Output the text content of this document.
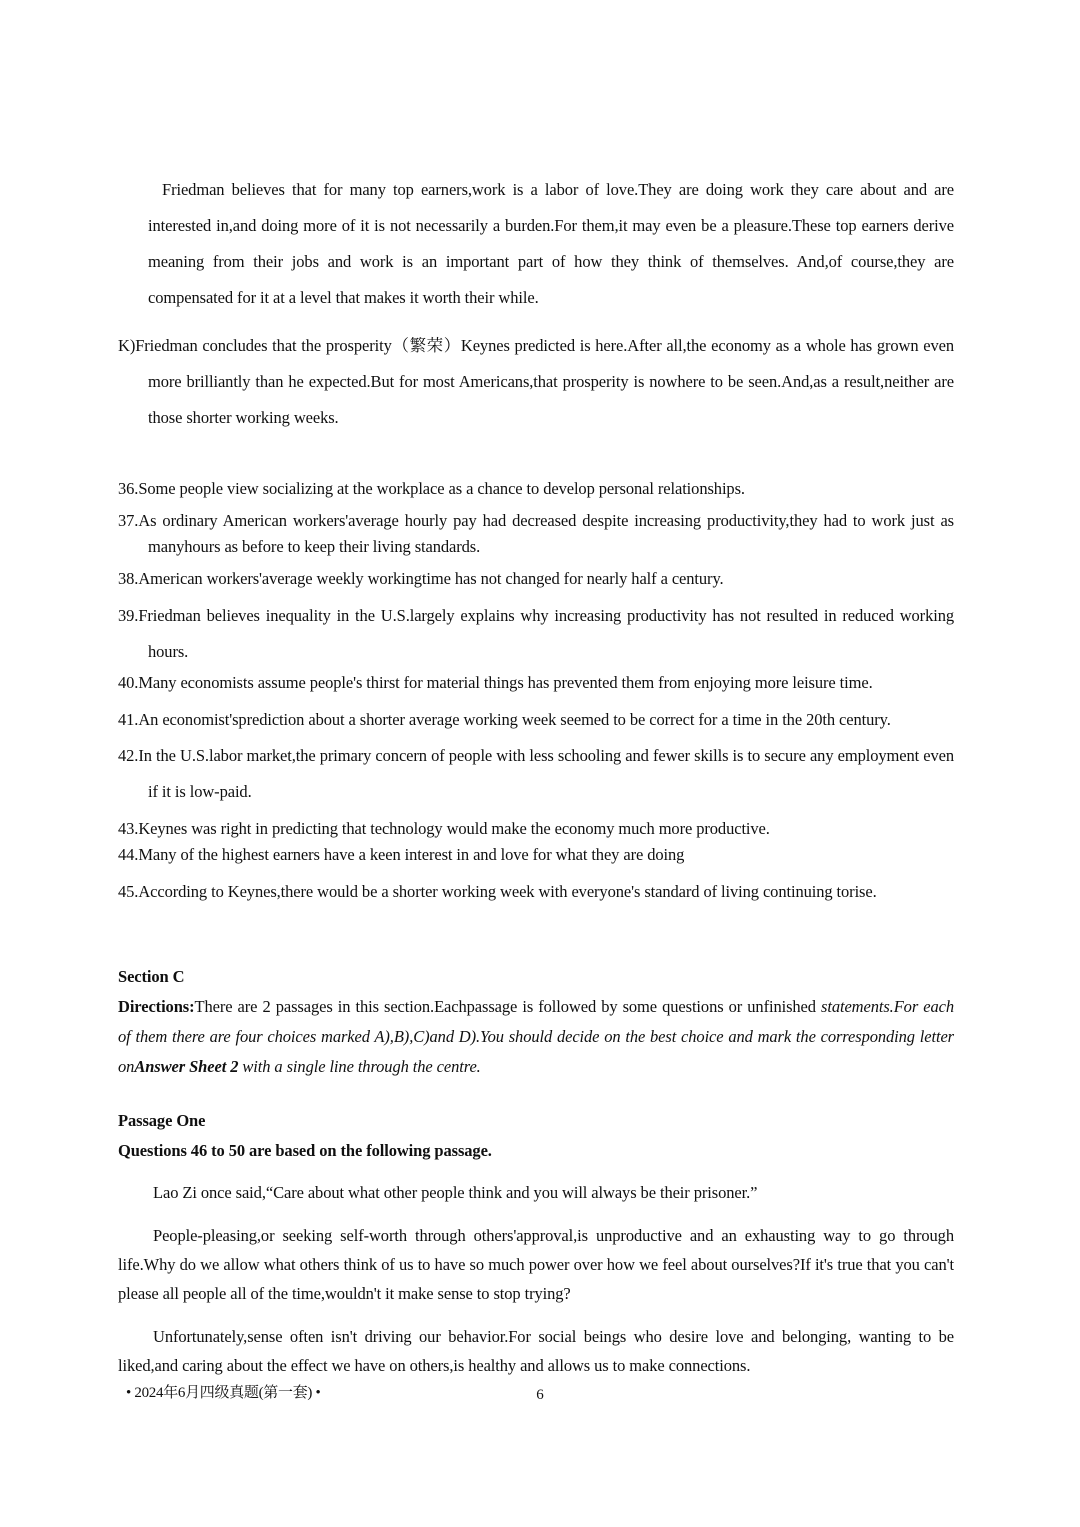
Friedman believes that for many top earners,work is a labor of love.They are doing work they care about and are interested in,and doing more of it is not necessarily a burden.For them,it may even be a pleasure.These top earners derive meaning from their jobs and work is an important part of how they think of themselves. And,of course,they are compensated for it at a level that makes it worth their while.

K)Friedman concludes that the prosperity（繁荣）Keynes predicted is here.After all,the economy as a whole has grown even more brilliantly than he expected.But for most Americans,that prosperity is nowhere to be seen.And,as a result,neither are those shorter working weeks.

36.Some people view socializing at the workplace as a chance to develop personal relationships.
37.As ordinary American workers'average hourly pay had decreased despite increasing productivity,they had to work just as manyhours as before to keep their living standards.
38.American workers'average weekly workingtime has not changed for nearly half a century.
39.Friedman believes inequality in the U.S.largely explains why increasing productivity has not resulted in reduced working hours.
40.Many economists assume people's thirst for material things has prevented them from enjoying more leisure time.
41.An economist'sprediction about a shorter average working week seemed to be correct for a time in the 20th century.
42.In the U.S.labor market,the primary concern of people with less schooling and fewer skills is to secure any employment even if it is low-paid.
43.Keynes was right in predicting that technology would make the economy much more productive.
44.Many of the highest earners have a keen interest in and love for what they are doing
45.According to Keynes,there would be a shorter working week with everyone's standard of living continuing torise.

Section C

Directions:There are 2 passages in this section.Eachpassage is followed by some questions or unfinished statements.For each of them there are four choices marked A),B),C)and D).You should decide on the best choice and mark the corresponding letter onAnswer Sheet 2 with a single line through the centre.

Passage One

Questions 46 to 50 are based on the following passage.

Lao Zi once said,“Care about what other people think and you will always be their prisoner.”

People-pleasing,or seeking self-worth through others'approval,is unproductive and an exhausting way to go through life.Why do we allow what others think of us to have so much power over how we feel about ourselves?If it's true that you can't please all people all of the time,wouldn't it make sense to stop trying?

Unfortunately,sense often isn't driving our behavior.For social beings who desire love and belonging, wanting to be liked,and caring about the effect we have on others,is healthy and allows us to make connections.

• 2024年6月四级真题(第一套) •	6
